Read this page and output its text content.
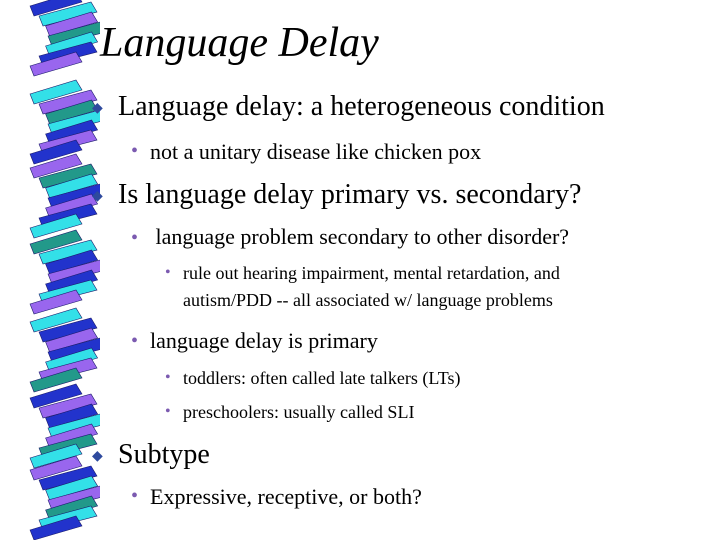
Language Delay
◆ Language delay: a heterogeneous condition
• not a unitary disease like chicken pox
◆ Is language delay primary vs. secondary?
• language problem secondary to other disorder?
• rule out hearing impairment, mental retardation, and
autism/PDD -- all associated w/ language problems
• language delay is primary
• toddlers: often called late talkers (LTs)
• preschoolers: usually called SLI
◆ Subtype
• Expressive, receptive, or both?
